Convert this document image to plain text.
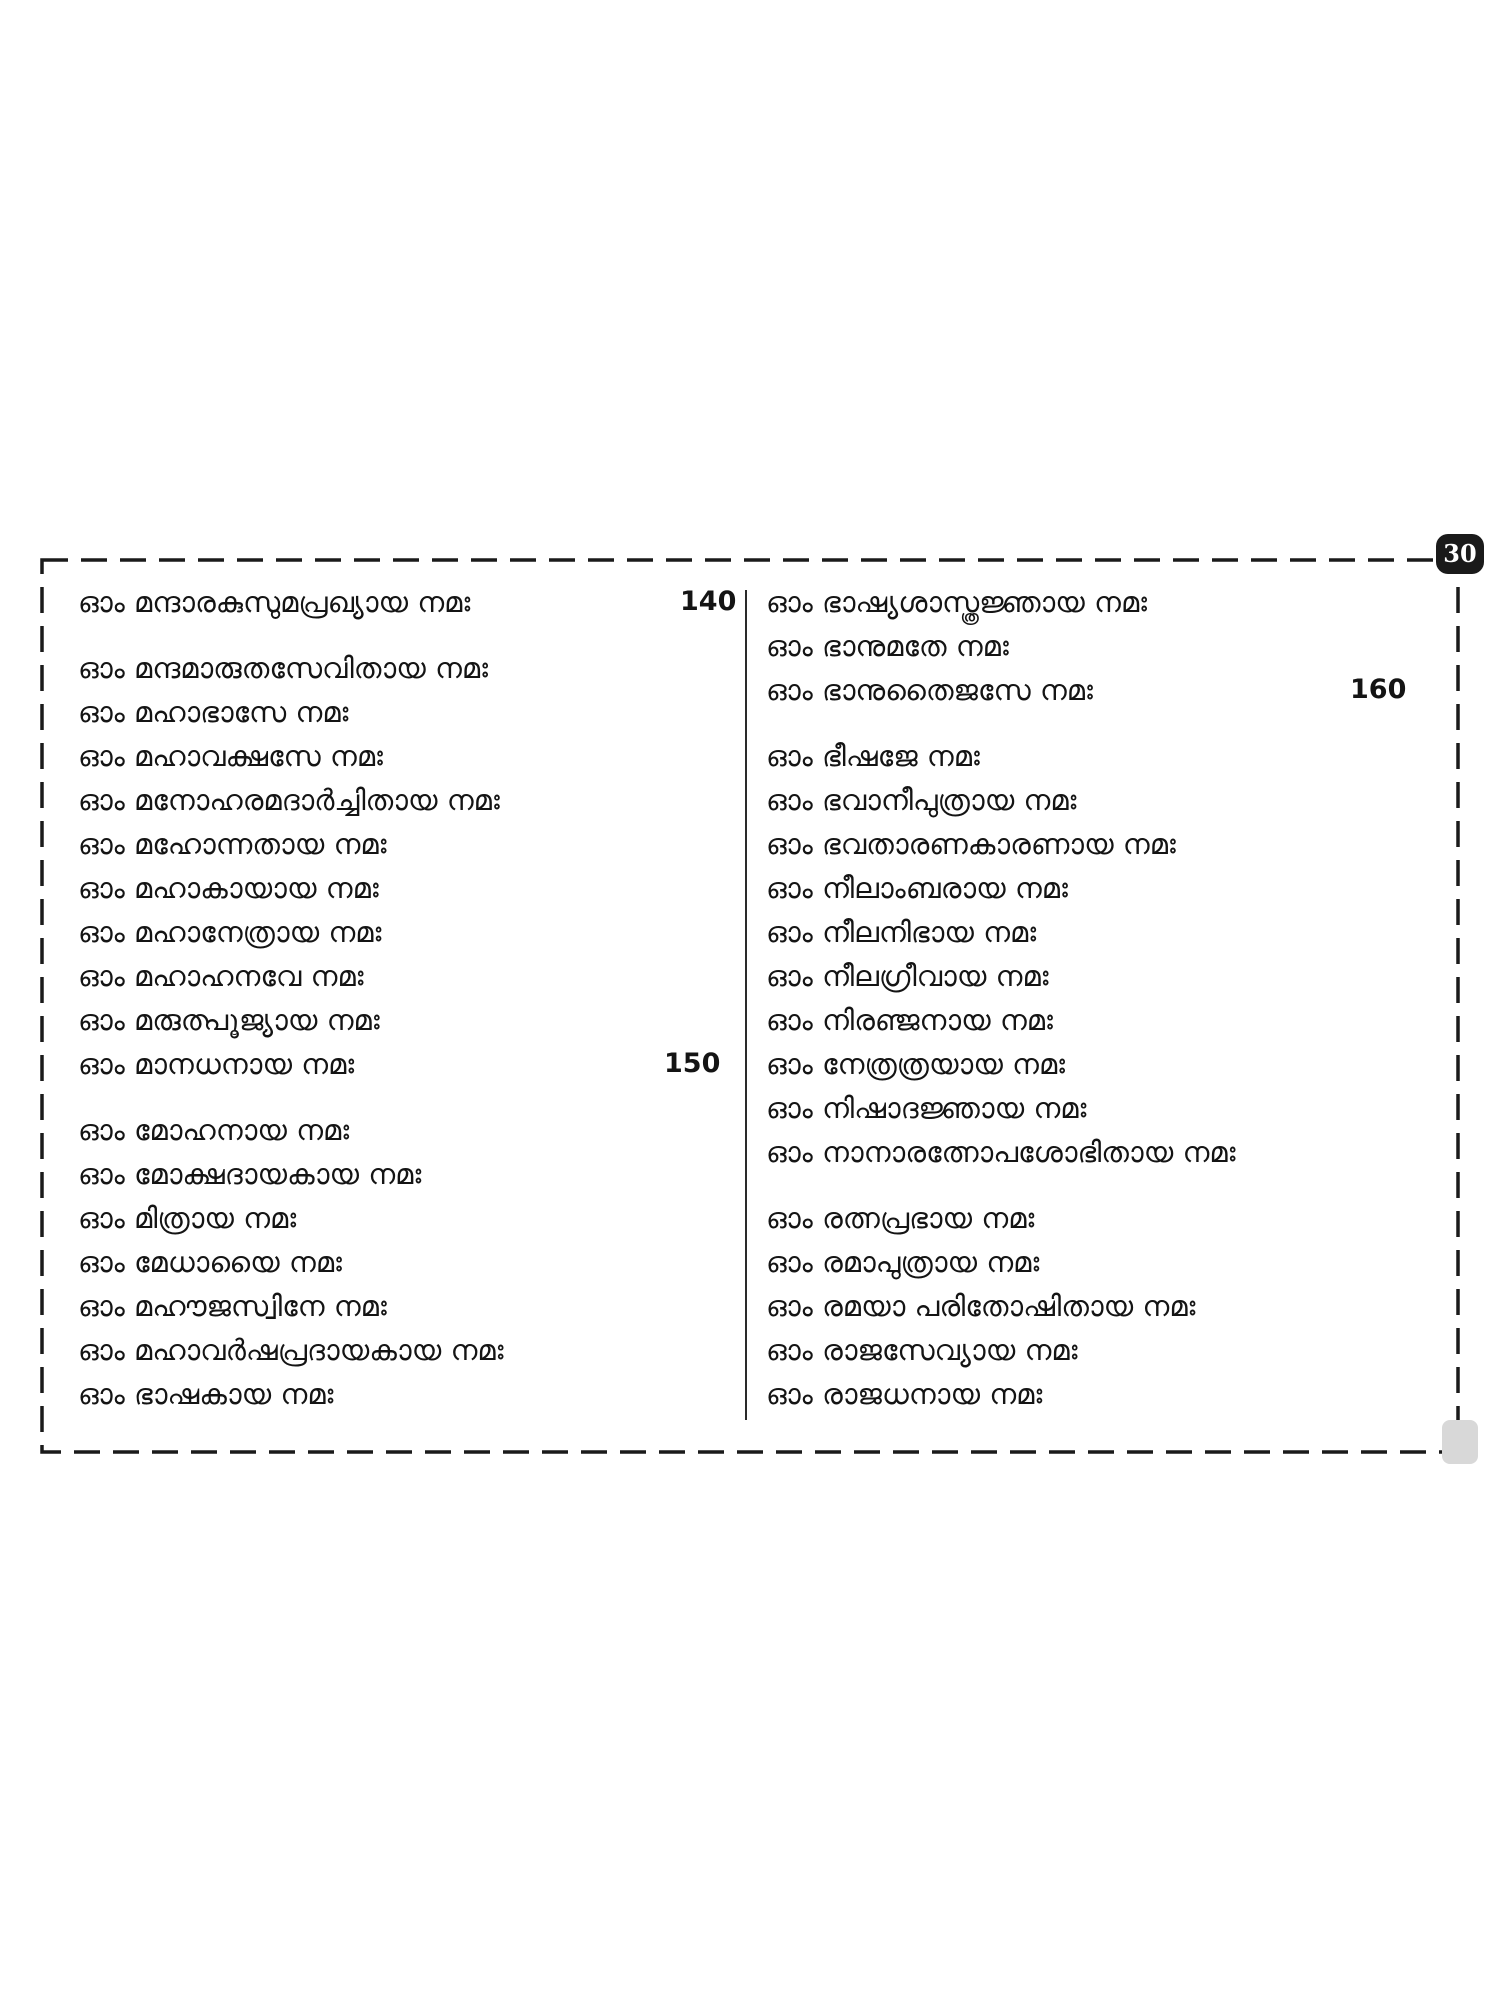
30
ഓം മന്ദാരകുസുമപ്രഖ്യായ നമഃ	140
ഓം മന്ദമാരുതസേവിതായ നമഃ
ഓം മഹാഭാസേ നമഃ
ഓം മഹാവക്ഷസേ നമഃ
ഓം മനോഹരമദാർച്ചിതായ നമഃ
ഓം മഹോന്നതായ നമഃ
ഓം മഹാകായായ നമഃ
ഓം മഹാനേത്രായ നമഃ
ഓം മഹാഹനവേ നമഃ
ഓം മരുത്പൂജ്യായ നമഃ
ഓം മാനധനായ നമഃ	150
ഓം മോഹനായ നമഃ
ഓം മോക്ഷദായകായ നമഃ
ഓം മിത്രായ നമഃ
ഓം മേധായൈ നമഃ
ഓം മഹൗജസ്വിനേ നമഃ
ഓം മഹാവർഷപ്രദായകായ നമഃ
ഓം ഭാഷകായ നമഃ
ഓം ഭാഷ്യശാസ്ത്രജ്ഞായ നമഃ
ഓം ഭാനുമതേ നമഃ
ഓം ഭാനുതൈജസേ നമഃ	160
ഓം ഭീഷജേ നമഃ
ഓം ഭവാനീപുത്രായ നമഃ
ഓം ഭവതാരണകാരണായ നമഃ
ഓം നീലാംബരായ നമഃ
ഓം നീലനിഭായ നമഃ
ഓം നീലഗ്രീവായ നമഃ
ഓം നിരഞ്ജനായ നമഃ
ഓം നേത്രത്രയായ നമഃ
ഓം നിഷാദജ്ഞായ നമഃ
ഓം നാനാരത്നോപശോഭിതായ നമഃ
ഓം രത്നപ്രഭായ നമഃ
ഓം രമാപുത്രായ നമഃ
ഓം രമയാ പരിതോഷിതായ നമഃ
ഓം രാജസേവ്യായ നമഃ
ഓം രാജധനായ നമഃ
